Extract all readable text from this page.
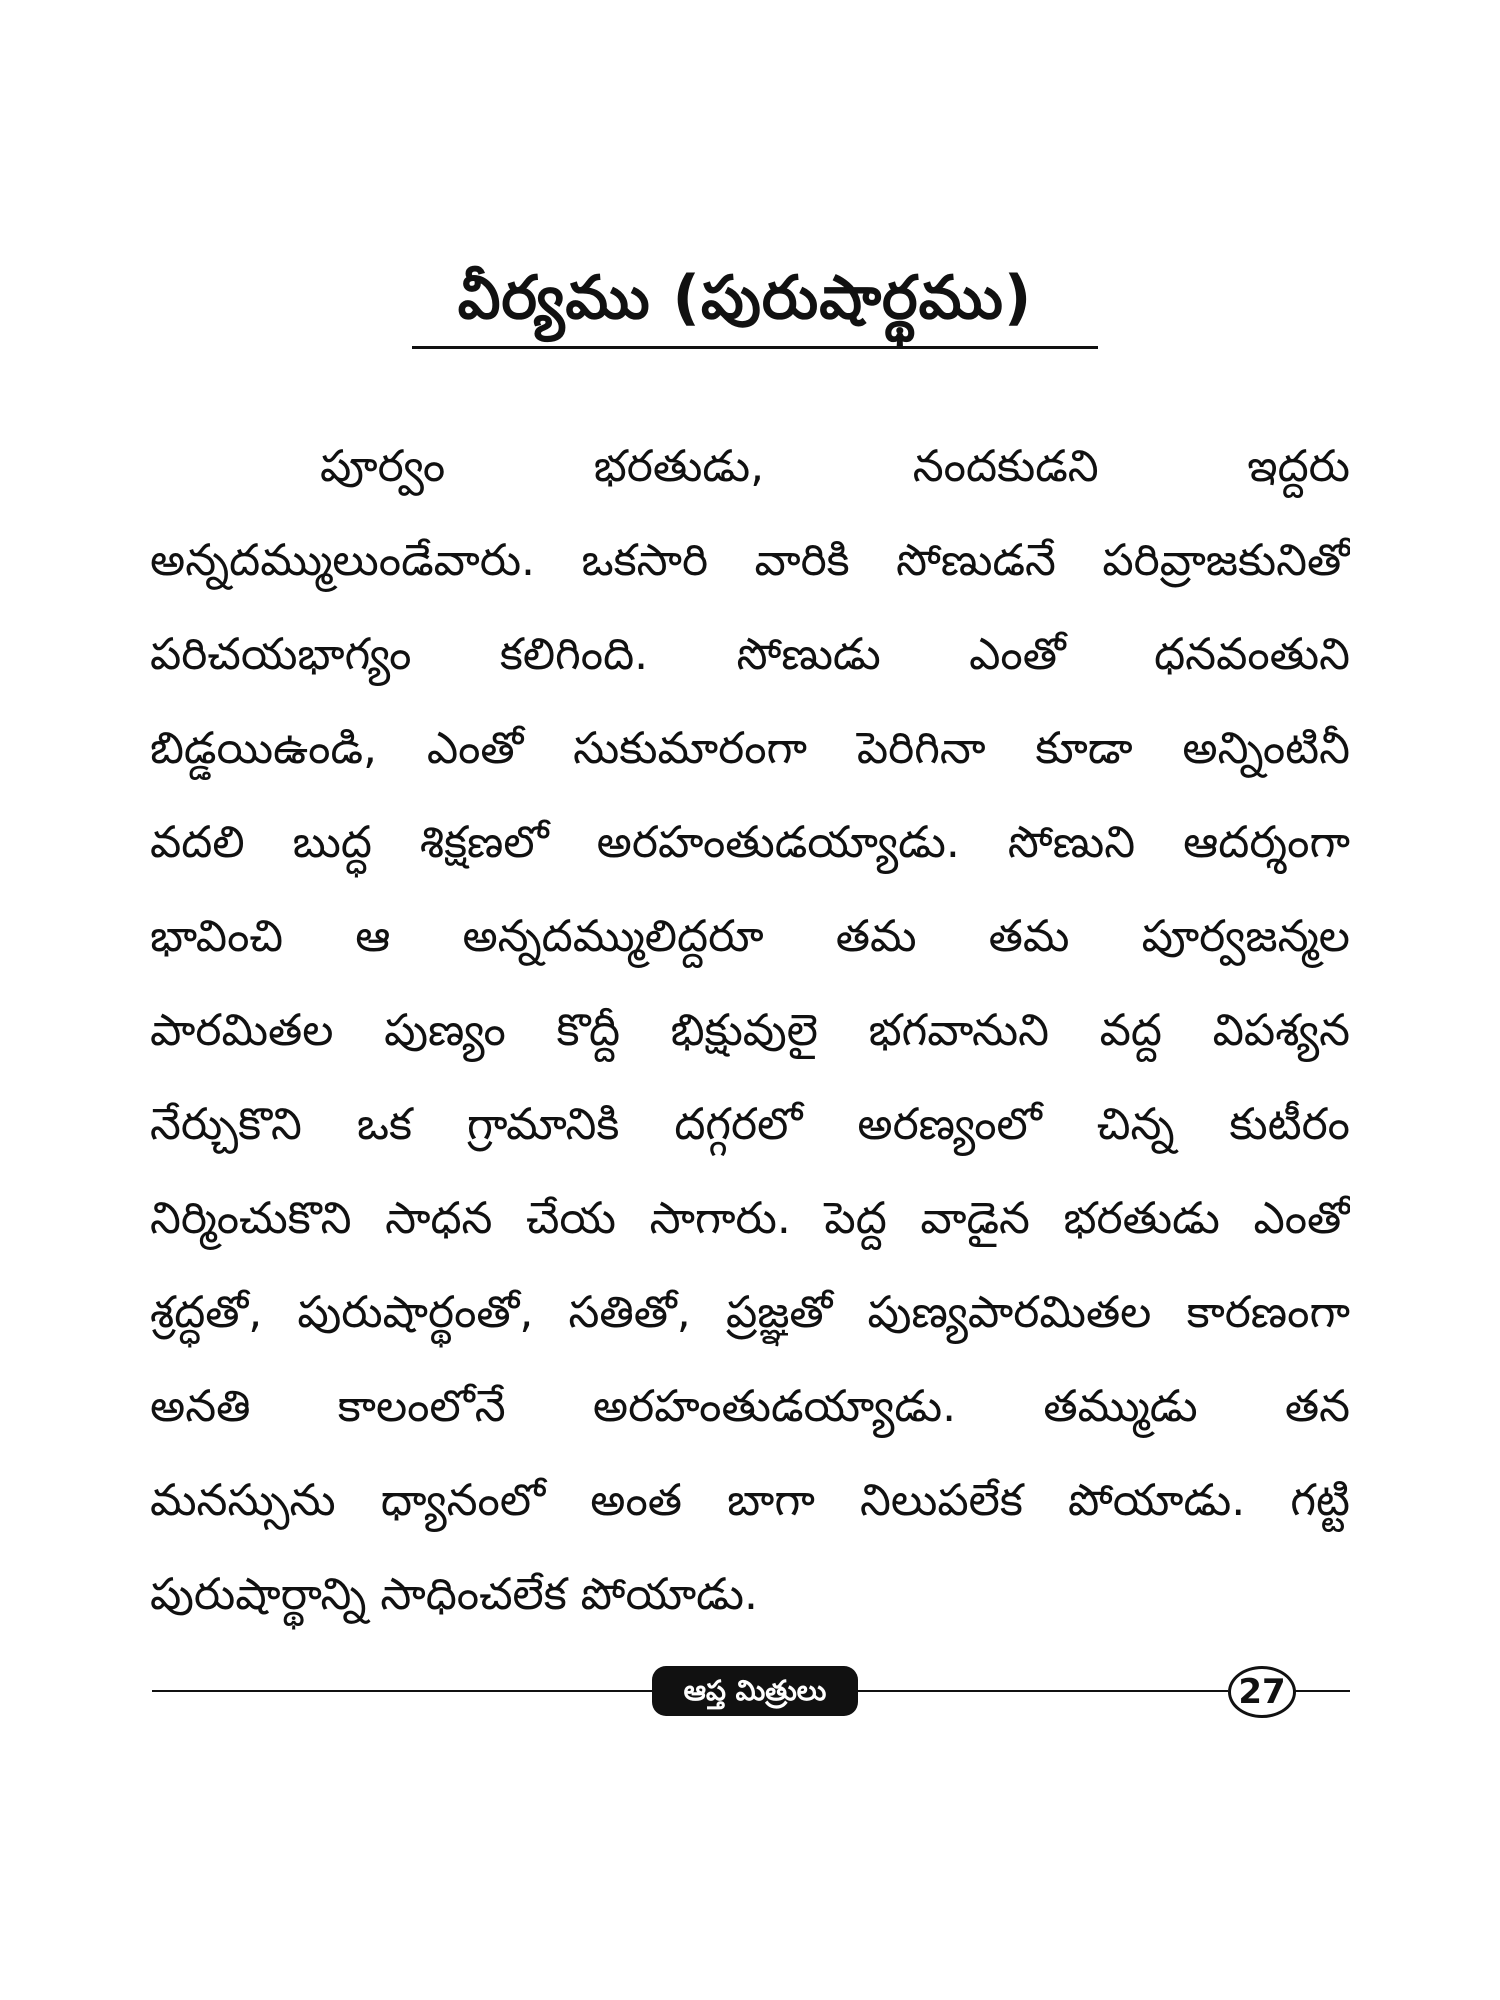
వీర్యము (పురుషార్థము)
పూర్వం భరతుడు, నందకుడని ఇద్దరు
అన్నదమ్ములుండేవారు. ఒకసారి వారికి సోణుడనే పరివ్రాజకునితో
పరిచయభాగ్యం కలిగింది. సోణుడు ఎంతో ధనవంతుని
బిడ్డయిఉండి, ఎంతో సుకుమారంగా పెరిగినా కూడా అన్నింటినీ
వదలి బుద్ధ శిక్షణలో అరహంతుడయ్యాడు. సోణుని ఆదర్శంగా
భావించి ఆ అన్నదమ్ములిద్దరూ తమ తమ పూర్వజన్మల
పారమితల పుణ్యం కొద్దీ భిక్షువులై భగవానుని వద్ద విపశ్యన
నేర్చుకొని ఒక గ్రామానికి దగ్గరలో అరణ్యంలో చిన్న కుటీరం
నిర్మించుకొని సాధన చేయ సాగారు. పెద్ద వాడైన భరతుడు ఎంతో
శ్రద్ధతో, పురుషార్థంతో, సతితో, ప్రజ్ఞతో పుణ్యపారమితల కారణంగా
అనతి కాలంలోనే అరహంతుడయ్యాడు. తమ్ముడు తన
మనస్సును ధ్యానంలో అంత బాగా నిలుపలేక పోయాడు. గట్టి
పురుషార్థాన్ని సాధించలేక పోయాడు.
ఆప్త మిత్రులు	27
